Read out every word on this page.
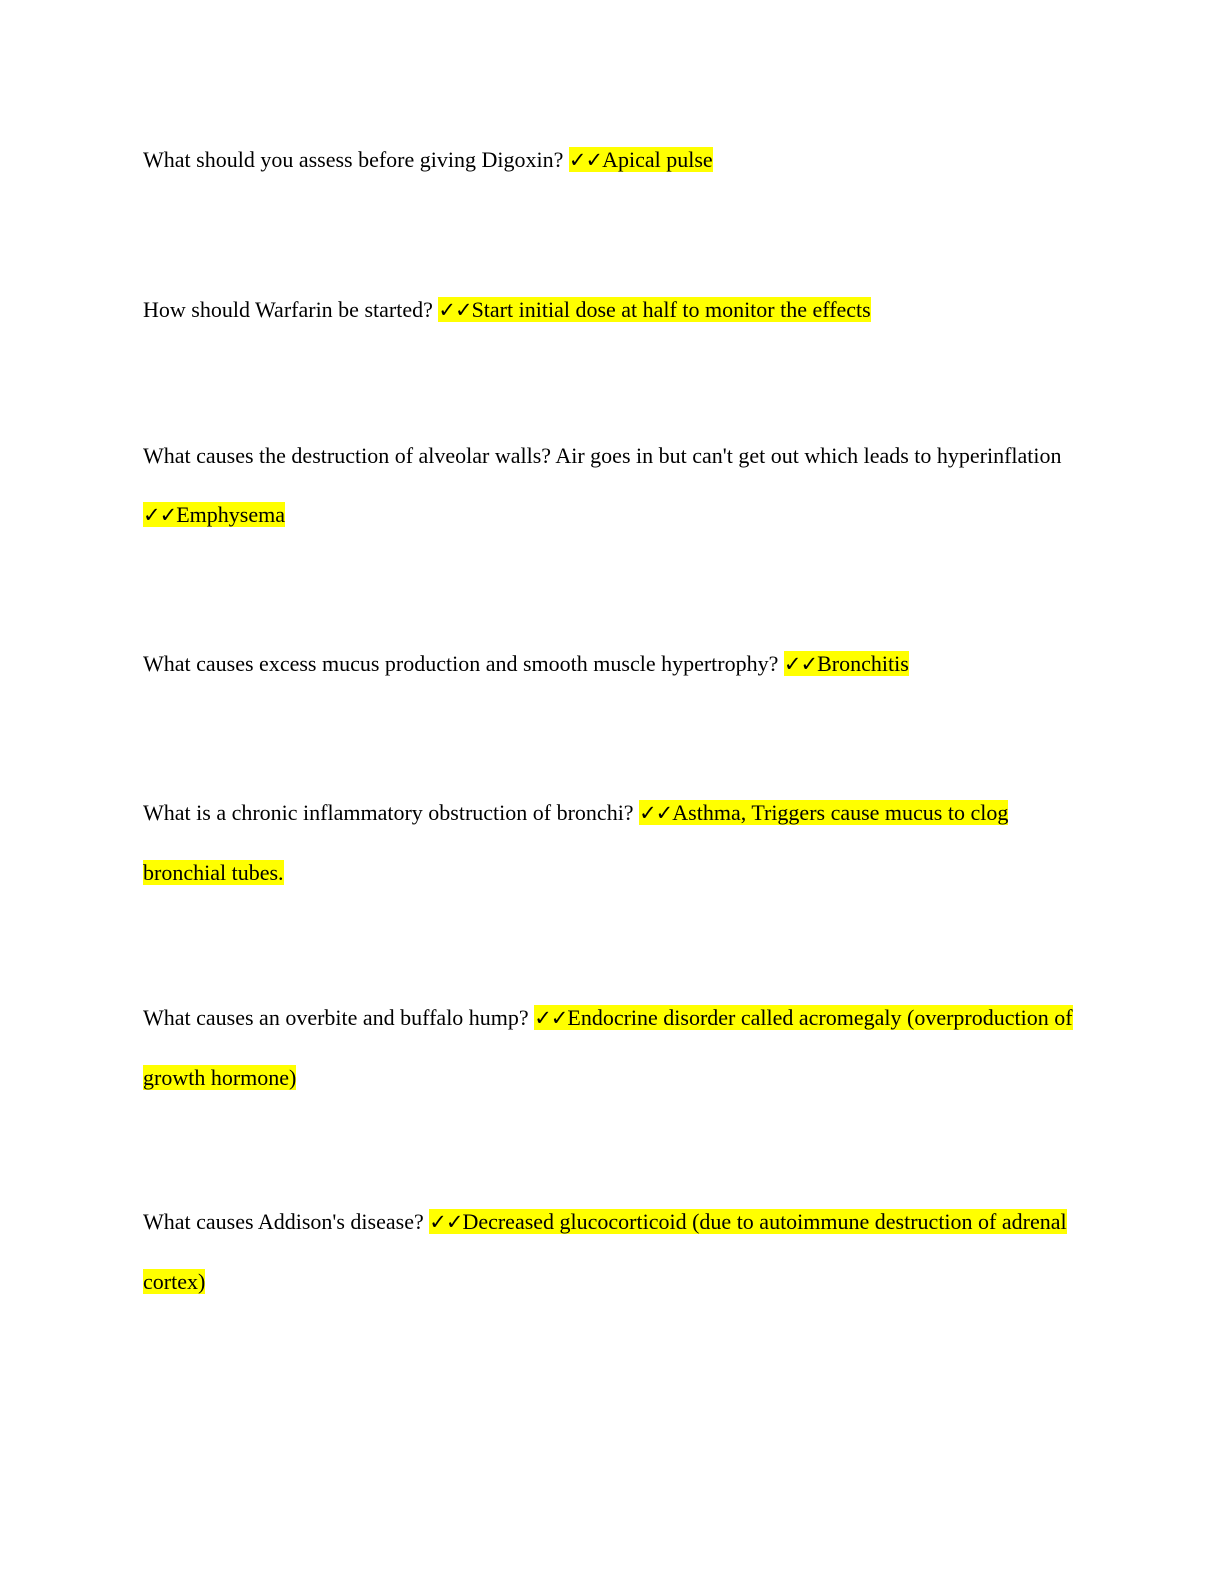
What should you assess before giving Digoxin? ✓✓Apical pulse

How should Warfarin be started? ✓✓Start initial dose at half to monitor the effects

What causes the destruction of alveolar walls? Air goes in but can't get out which leads to hyperinflation ✓✓Emphysema

What causes excess mucus production and smooth muscle hypertrophy? ✓✓Bronchitis

What is a chronic inflammatory obstruction of bronchi? ✓✓Asthma, Triggers cause mucus to clog bronchial tubes.

What causes an overbite and buffalo hump? ✓✓Endocrine disorder called acromegaly (overproduction of growth hormone)

What causes Addison's disease? ✓✓Decreased glucocorticoid (due to autoimmune destruction of adrenal cortex)
